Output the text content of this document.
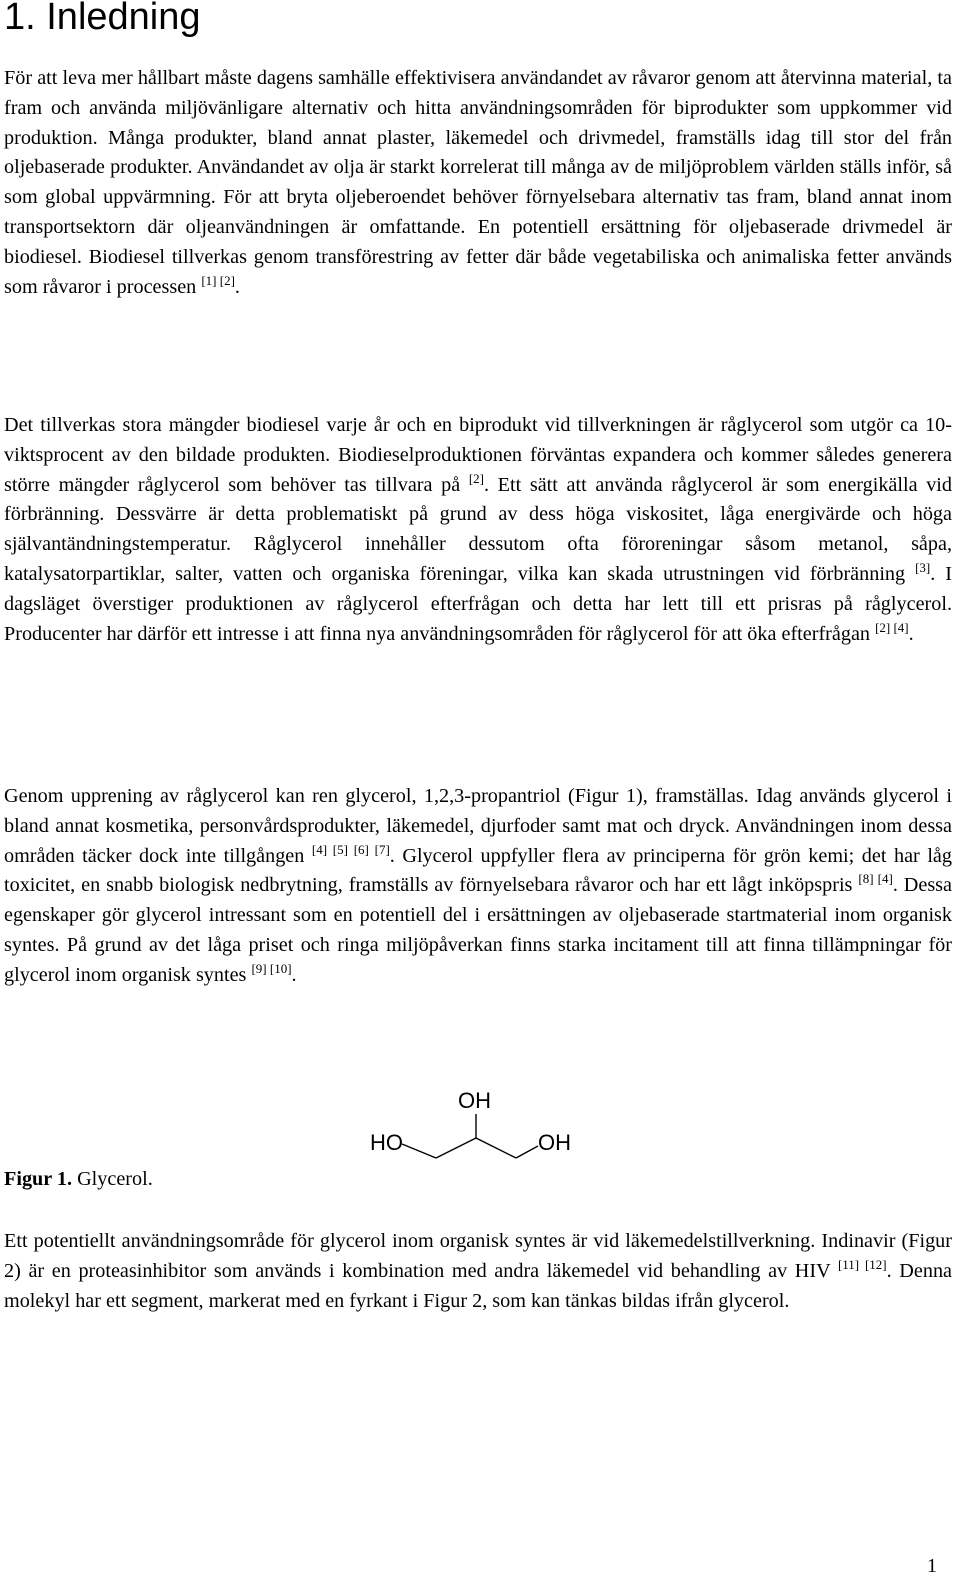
1. Inledning

För att leva mer hållbart måste dagens samhälle effektivisera användandet av råvaror genom att återvinna material, ta fram och använda miljövänligare alternativ och hitta användningsområden för biprodukter som uppkommer vid produktion. Många produkter, bland annat plaster, läkemedel och drivmedel, framställs idag till stor del från oljebaserade produkter. Användandet av olja är starkt korrelerat till många av de miljöproblem världen ställs inför, så som global uppvärmning. För att bryta oljeberoendet behöver förnyelsebara alternativ tas fram, bland annat inom transportsektorn där oljeanvändningen är omfattande. En potentiell ersättning för oljebaserade drivmedel är biodiesel. Biodiesel tillverkas genom transförestring av fetter där både vegetabiliska och animaliska fetter används som råvaror i processen [1] [2].

Det tillverkas stora mängder biodiesel varje år och en biprodukt vid tillverkningen är råglycerol som utgör ca 10-viktsprocent av den bildade produkten. Biodieselproduktionen förväntas expandera och kommer således generera större mängder råglycerol som behöver tas tillvara på [2]. Ett sätt att använda råglycerol är som energikälla vid förbränning. Dessvärre är detta problematiskt på grund av dess höga viskositet, låga energivärde och höga självantändningstemperatur. Råglycerol innehåller dessutom ofta föroreningar såsom metanol, såpa, katalysatorpartiklar, salter, vatten och organiska föreningar, vilka kan skada utrustningen vid förbränning [3]. I dagsläget överstiger produktionen av råglycerol efterfrågan och detta har lett till ett prisras på råglycerol. Producenter har därför ett intresse i att finna nya användningsområden för råglycerol för att öka efterfrågan [2] [4].

Genom upprening av råglycerol kan ren glycerol, 1,2,3-propantriol (Figur 1), framställas. Idag används glycerol i bland annat kosmetika, personvårdsprodukter, läkemedel, djurfoder samt mat och dryck. Användningen inom dessa områden täcker dock inte tillgången [4] [5] [6] [7]. Glycerol uppfyller flera av principerna för grön kemi; det har låg toxicitet, en snabb biologisk nedbrytning, framställs av förnyelsebara råvaror och har ett lågt inköpspris [8] [4]. Dessa egenskaper gör glycerol intressant som en potentiell del i ersättningen av oljebaserade startmaterial inom organisk syntes. På grund av det låga priset och ringa miljöpåverkan finns starka incitament till att finna tillämpningar för glycerol inom organisk syntes [9] [10].

OH
HO	OH
Figur 1. Glycerol.

Ett potentiellt användningsområde för glycerol inom organisk syntes är vid läkemedelstillverkning. Indinavir (Figur 2) är en proteasinhibitor som används i kombination med andra läkemedel vid behandling av HIV [11] [12]. Denna molekyl har ett segment, markerat med en fyrkant i Figur 2, som kan tänkas bildas ifrån glycerol.

1
